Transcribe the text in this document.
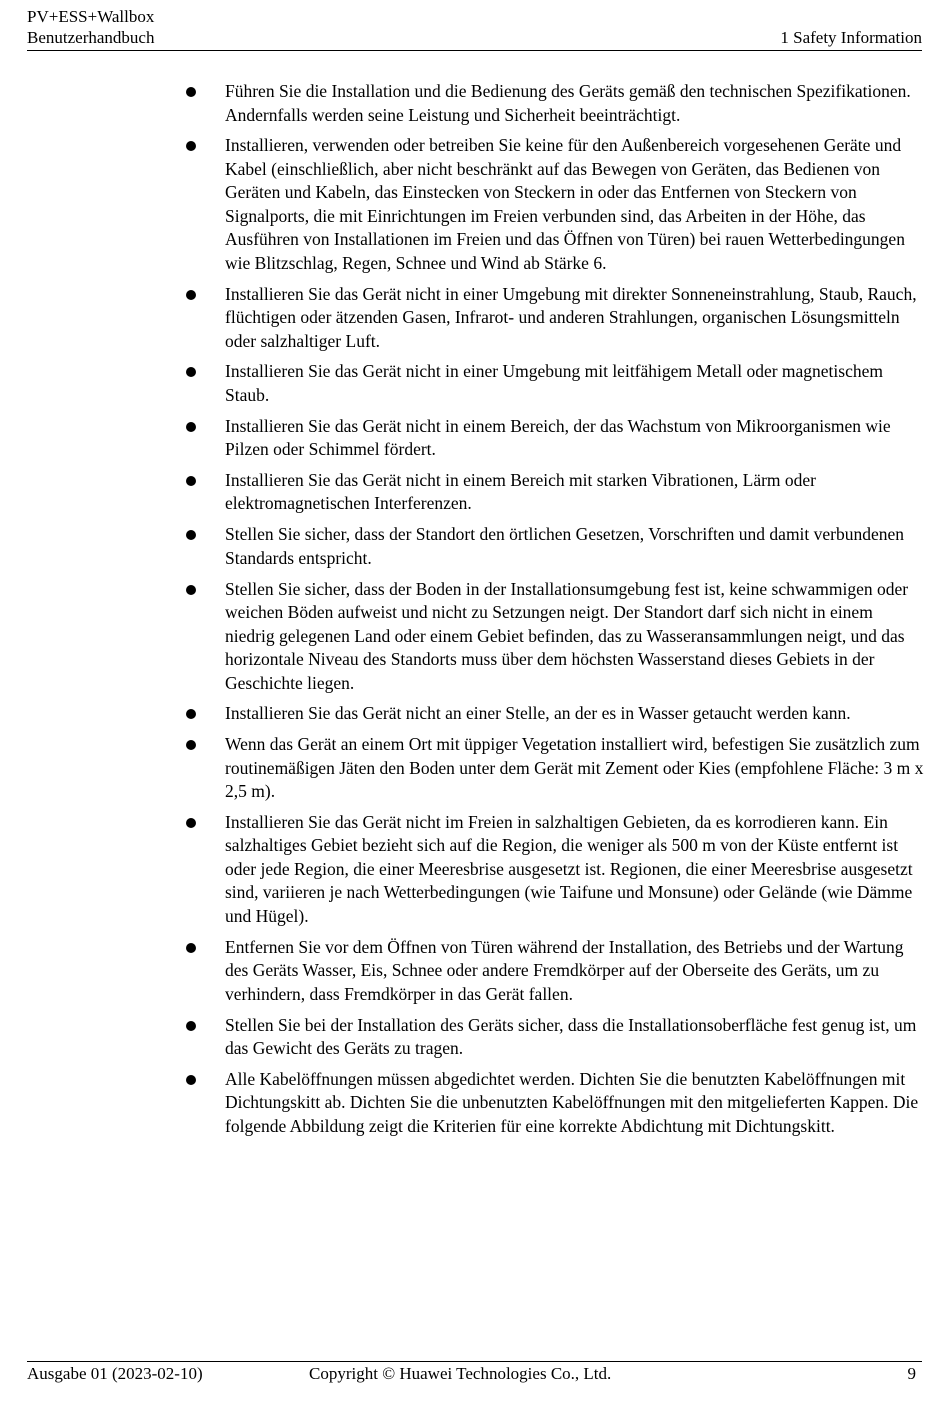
PV+ESS+Wallbox
Benutzerhandbuch	1 Safety Information
Führen Sie die Installation und die Bedienung des Geräts gemäß den technischen Spezifikationen. Andernfalls werden seine Leistung und Sicherheit beeinträchtigt.
Installieren, verwenden oder betreiben Sie keine für den Außenbereich vorgesehenen Geräte und Kabel (einschließlich, aber nicht beschränkt auf das Bewegen von Geräten, das Bedienen von Geräten und Kabeln, das Einstecken von Steckern in oder das Entfernen von Steckern von Signalports, die mit Einrichtungen im Freien verbunden sind, das Arbeiten in der Höhe, das Ausführen von Installationen im Freien und das Öffnen von Türen) bei rauen Wetterbedingungen wie Blitzschlag, Regen, Schnee und Wind ab Stärke 6.
Installieren Sie das Gerät nicht in einer Umgebung mit direkter Sonneneinstrahlung, Staub, Rauch, flüchtigen oder ätzenden Gasen, Infrarot- und anderen Strahlungen, organischen Lösungsmitteln oder salzhaltiger Luft.
Installieren Sie das Gerät nicht in einer Umgebung mit leitfähigem Metall oder magnetischem Staub.
Installieren Sie das Gerät nicht in einem Bereich, der das Wachstum von Mikroorganismen wie Pilzen oder Schimmel fördert.
Installieren Sie das Gerät nicht in einem Bereich mit starken Vibrationen, Lärm oder elektromagnetischen Interferenzen.
Stellen Sie sicher, dass der Standort den örtlichen Gesetzen, Vorschriften und damit verbundenen Standards entspricht.
Stellen Sie sicher, dass der Boden in der Installationsumgebung fest ist, keine schwammigen oder weichen Böden aufweist und nicht zu Setzungen neigt. Der Standort darf sich nicht in einem niedrig gelegenen Land oder einem Gebiet befinden, das zu Wasseransammlungen neigt, und das horizontale Niveau des Standorts muss über dem höchsten Wasserstand dieses Gebiets in der Geschichte liegen.
Installieren Sie das Gerät nicht an einer Stelle, an der es in Wasser getaucht werden kann.
Wenn das Gerät an einem Ort mit üppiger Vegetation installiert wird, befestigen Sie zusätzlich zum routinemäßigen Jäten den Boden unter dem Gerät mit Zement oder Kies (empfohlene Fläche: 3 m x 2,5 m).
Installieren Sie das Gerät nicht im Freien in salzhaltigen Gebieten, da es korrodieren kann. Ein salzhaltiges Gebiet bezieht sich auf die Region, die weniger als 500 m von der Küste entfernt ist oder jede Region, die einer Meeresbrise ausgesetzt ist. Regionen, die einer Meeresbrise ausgesetzt sind, variieren je nach Wetterbedingungen (wie Taifune und Monsune) oder Gelände (wie Dämme und Hügel).
Entfernen Sie vor dem Öffnen von Türen während der Installation, des Betriebs und der Wartung des Geräts Wasser, Eis, Schnee oder andere Fremdkörper auf der Oberseite des Geräts, um zu verhindern, dass Fremdkörper in das Gerät fallen.
Stellen Sie bei der Installation des Geräts sicher, dass die Installationsoberfläche fest genug ist, um das Gewicht des Geräts zu tragen.
Alle Kabelöffnungen müssen abgedichtet werden. Dichten Sie die benutzten Kabelöffnungen mit Dichtungskitt ab. Dichten Sie die unbenutzten Kabelöffnungen mit den mitgelieferten Kappen. Die folgende Abbildung zeigt die Kriterien für eine korrekte Abdichtung mit Dichtungskitt.
Ausgabe 01 (2023-02-10)	Copyright © Huawei Technologies Co., Ltd.	9
